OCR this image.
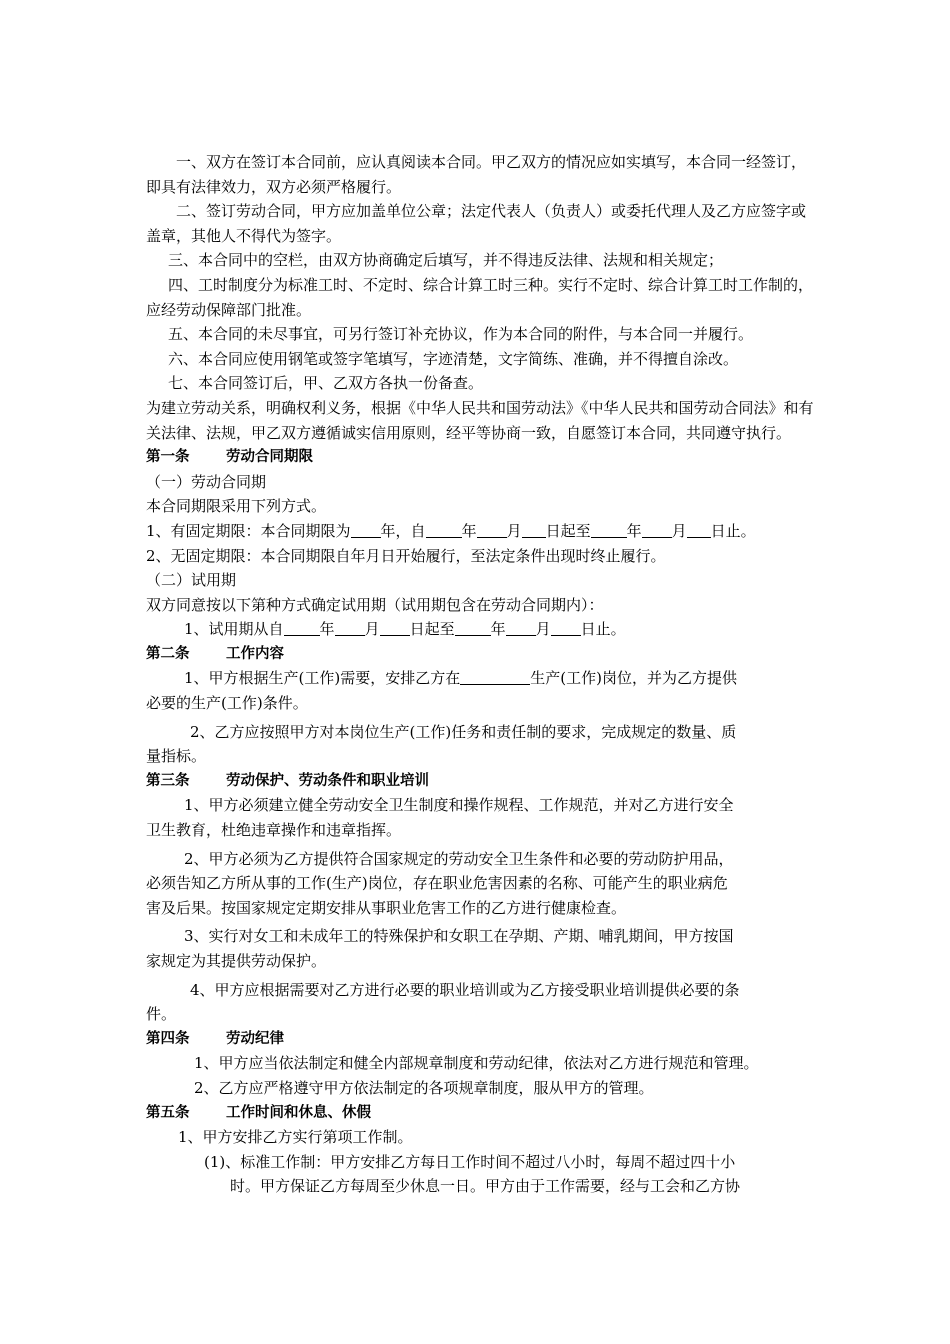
一、双方在签订本合同前，应认真阅读本合同。甲乙双方的情况应如实填写，本合同一经签订，即具有法律效力，双方必须严格履行。
二、签订劳动合同，甲方应加盖单位公章；法定代表人（负责人）或委托代理人及乙方应签字或盖章，其他人不得代为签字。
三、本合同中的空栏，由双方协商确定后填写，并不得违反法律、法规和相关规定；
四、工时制度分为标准工时、不定时、综合计算工时三种。实行不定时、综合计算工时工作制的，应经劳动保障部门批准。
五、本合同的未尽事宜，可另行签订补充协议，作为本合同的附件，与本合同一并履行。
六、本合同应使用钢笔或签字笔填写，字迹清楚，文字简练、准确，并不得擅自涂改。
七、本合同签订后，甲、乙双方各执一份备查。
为建立劳动关系，明确权利义务，根据《中华人民共和国劳动法》《中华人民共和国劳动合同法》和有关法律、法规，甲乙双方遵循诚实信用原则，经平等协商一致，自愿签订本合同，共同遵守执行。
第一条	劳动合同期限
（一）劳动合同期
本合同期限采用下列方式。
1、有固定期限：本合同期限为 年，自 年 月 日起至 年 月 日止。
2、无固定期限：本合同期限自年月日开始履行，至法定条件出现时终止履行。
（二）试用期
双方同意按以下第种方式确定试用期（试用期包含在劳动合同期内）：
1、试用期从自 年 月 日起至 年 月 日止。
第二条	工作内容
1、甲方根据生产(工作)需要，安排乙方在	生产(工作)岗位，并为乙方提供
必要的生产(工作)条件。
2、乙方应按照甲方对本岗位生产(工作)任务和责任制的要求，完成规定的数量、质
量指标。
第三条	劳动保护、劳动条件和职业培训
1、甲方必须建立健全劳动安全卫生制度和操作规程、工作规范，并对乙方进行安全
卫生教育，杜绝违章操作和违章指挥。
2、甲方必须为乙方提供符合国家规定的劳动安全卫生条件和必要的劳动防护用品，
必须告知乙方所从事的工作(生产)岗位，存在职业危害因素的名称、可能产生的职业病危
害及后果。按国家规定定期安排从事职业危害工作的乙方进行健康检查。
3、实行对女工和未成年工的特殊保护和女职工在孕期、产期、哺乳期间，甲方按国
家规定为其提供劳动保护。
4、甲方应根据需要对乙方进行必要的职业培训或为乙方接受职业培训提供必要的条
件。
第四条	劳动纪律
1、甲方应当依法制定和健全内部规章制度和劳动纪律，依法对乙方进行规范和管理。
2、乙方应严格遵守甲方依法制定的各项规章制度，服从甲方的管理。
第五条	工作时间和休息、休假
1、甲方安排乙方实行第项工作制。
(1)、标准工作制：甲方安排乙方每日工作时间不超过八小时，每周不超过四十小
时。甲方保证乙方每周至少休息一日。甲方由于工作需要，经与工会和乙方协
